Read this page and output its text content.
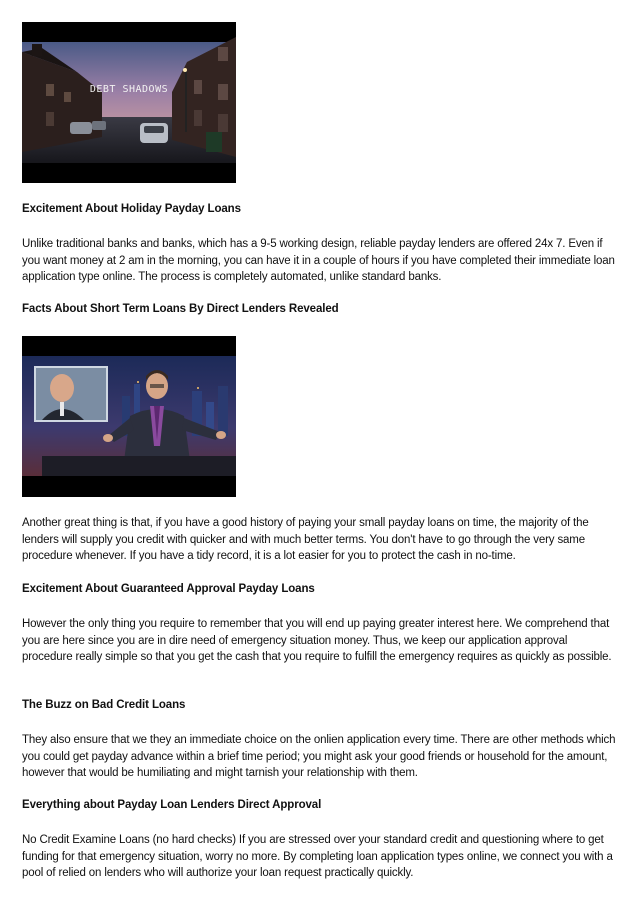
DEBT SHADOWS
Excitement About Holiday Payday Loans

Unlike traditional banks and banks, which has a 9-5 working design, reliable payday lenders are offered 24x 7. Even if you want money at 2 am in the morning, you can have it in a couple of hours if you have completed their immediate loan application type online. The process is completely automated, unlike standard banks.

Facts About Short Term Loans By Direct Lenders Revealed

Another great thing is that, if you have a good history of paying your small payday loans on time, the majority of the lenders will supply you credit with quicker and with much better terms. You don't have to go through the very same procedure whenever. If you have a tidy record, it is a lot easier for you to protect the cash in no-time.

Excitement About Guaranteed Approval Payday Loans

However the only thing you require to remember that you will end up paying greater interest here. We comprehend that you are here since you are in dire need of emergency situation money. Thus, we keep our application approval procedure really simple so that you get the cash that you require to fulfill the emergency requires as quickly as possible.

The Buzz on Bad Credit Loans

They also ensure that we they an immediate choice on the onlien application every time. There are other methods which you could get payday advance within a brief time period; you might ask your good friends or household for the amount, however that would be humiliating and might tarnish your relationship with them.

Everything about Payday Loan Lenders Direct Approval

No Credit Examine Loans (no hard checks) If you are stressed over your standard credit and questioning where to get funding for that emergency situation, worry no more. By completing loan application types online, we connect you with a pool of relied on lenders who will authorize your loan request practically quickly.
